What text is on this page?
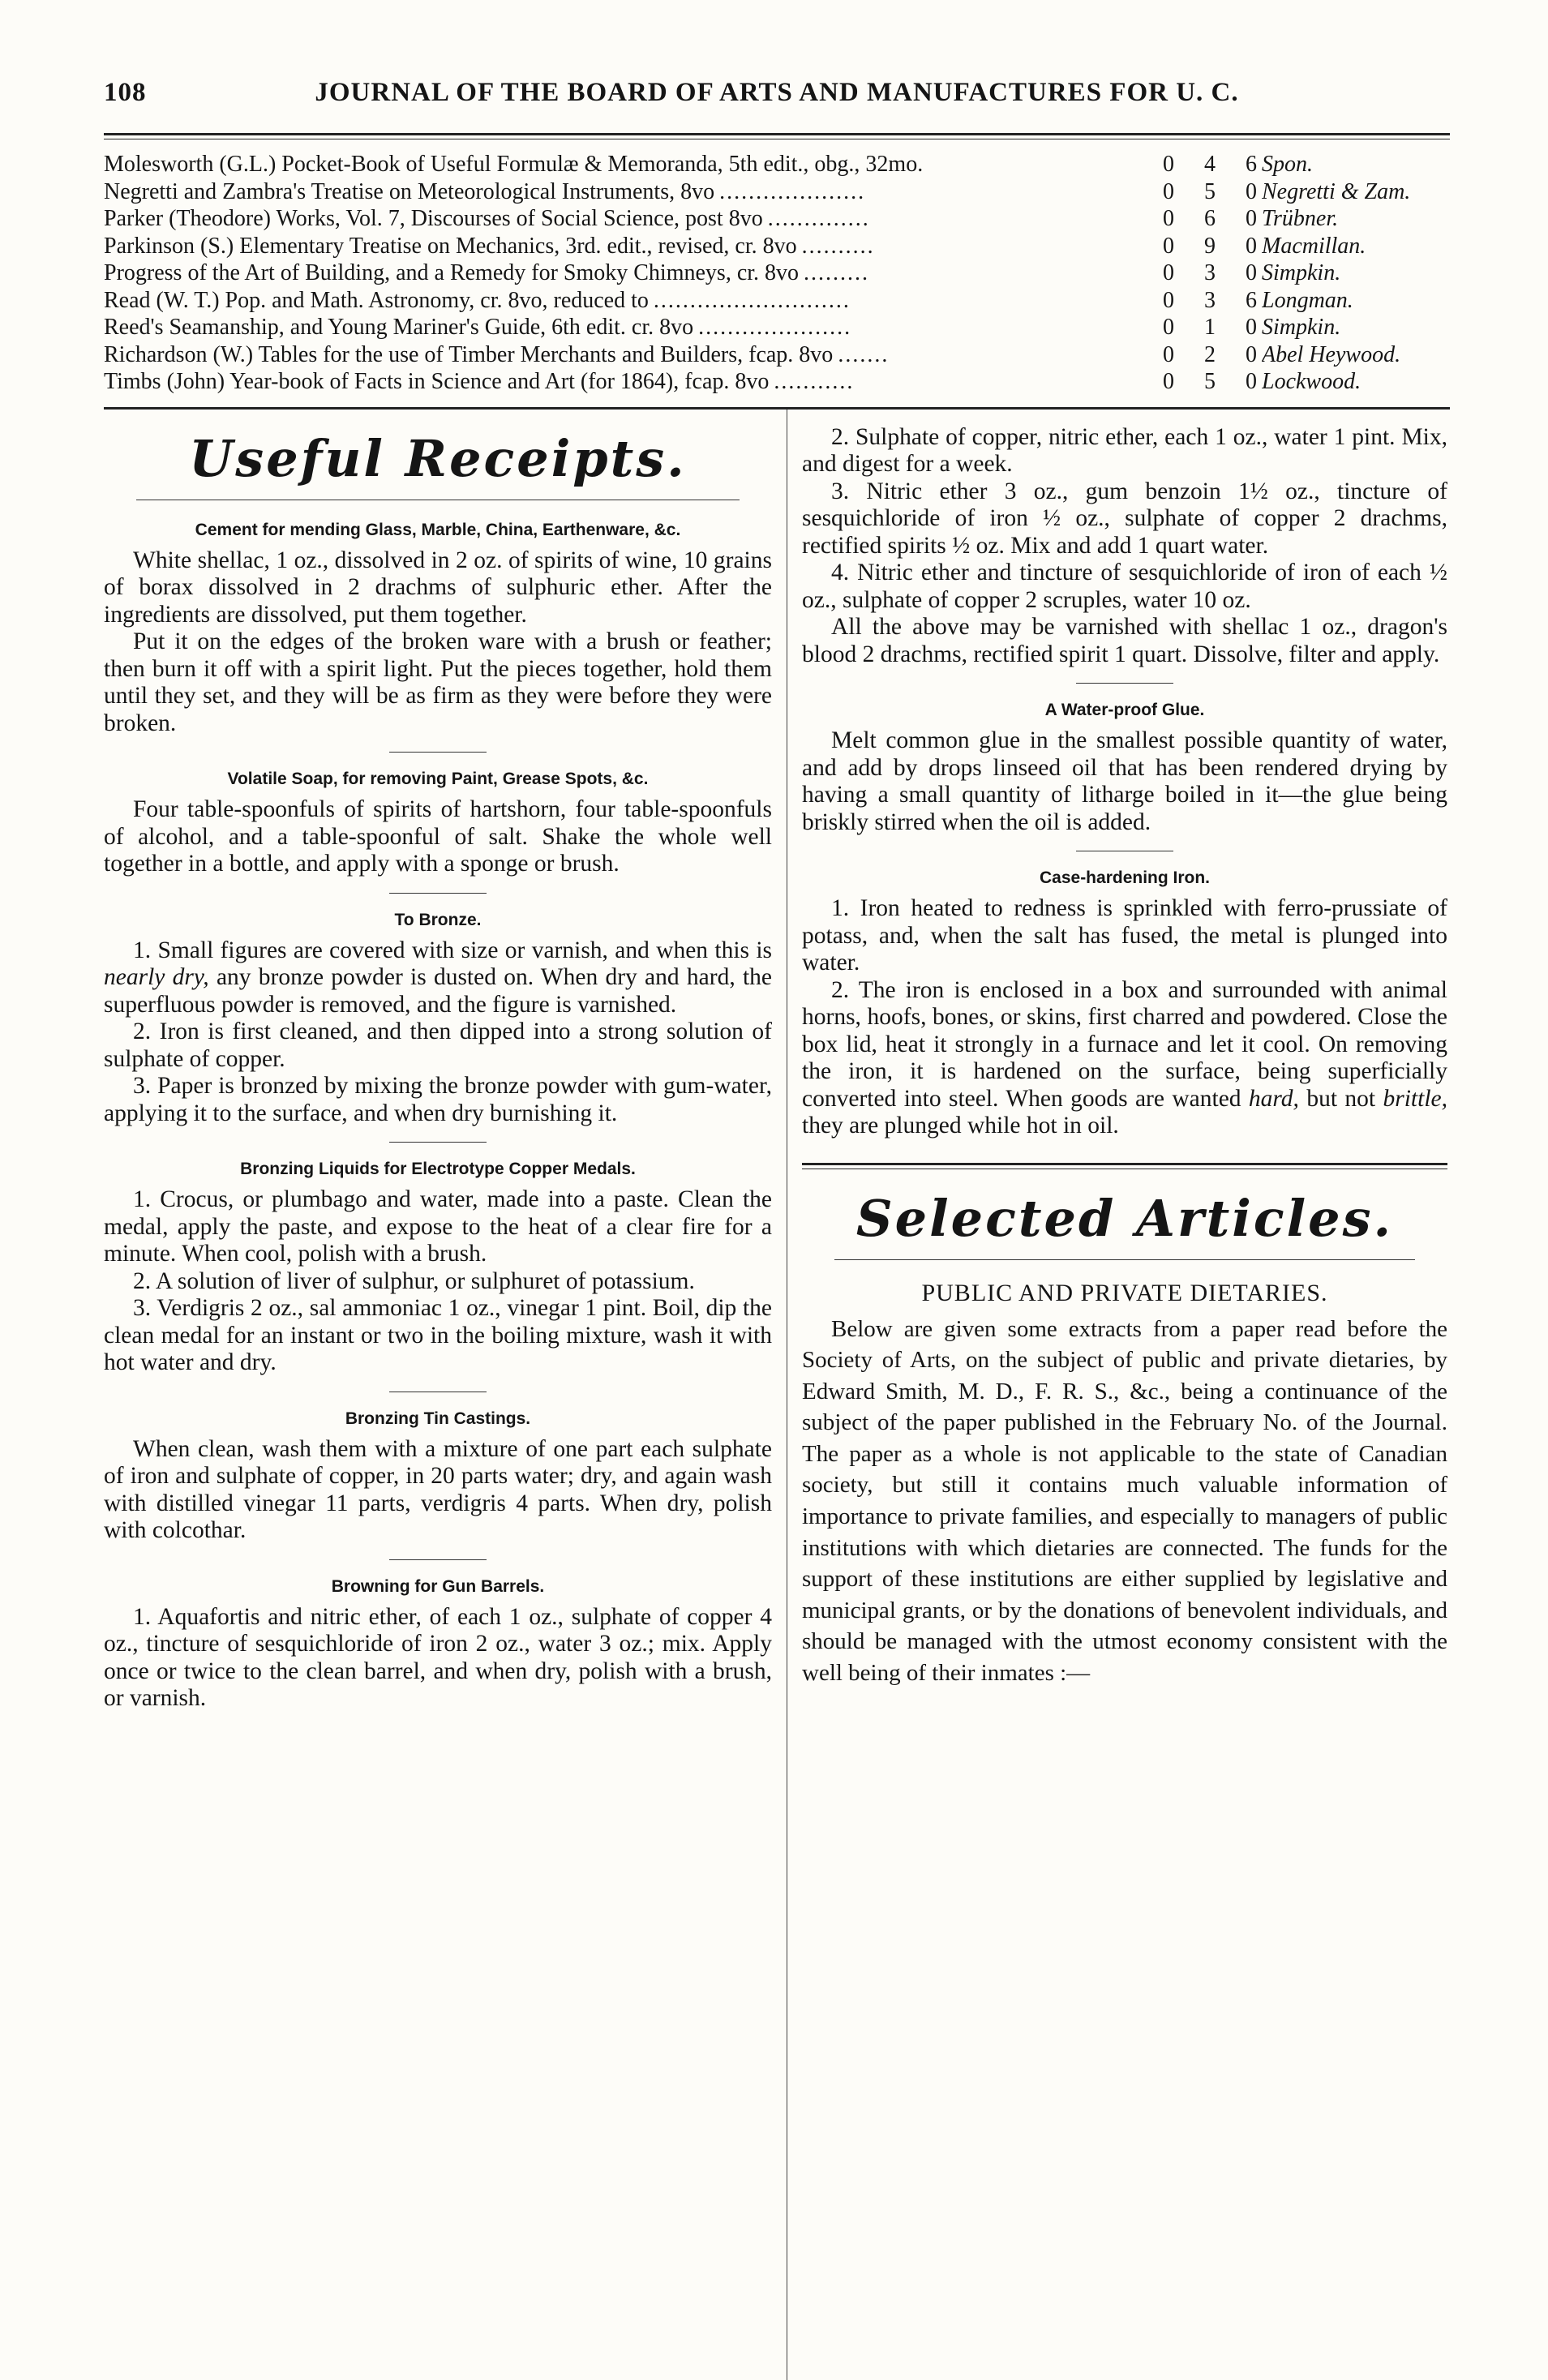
108	JOURNAL OF THE BOARD OF ARTS AND MANUFACTURES FOR U. C.
Molesworth (G.L.) Pocket-Book of Useful Formulæ & Memoranda, 5th edit., obg., 32mo.	0 4 6 Spon.
Negretti and Zambra's Treatise on Meteorological Instruments, 8vo ....................	0 5 0 Negretti & Zam.
Parker (Theodore) Works, Vol. 7, Discourses of Social Science, post 8vo ..............	0 6 0 Trübner.
Parkinson (S.) Elementary Treatise on Mechanics, 3rd. edit., revised, cr. 8vo ..........	0 9 0 Macmillan.
Progress of the Art of Building, and a Remedy for Smoky Chimneys, cr. 8vo .........	0 3 0 Simpkin.
Read (W. T.) Pop. and Math. Astronomy, cr. 8vo, reduced to ...........................	0 3 6 Longman.
Reed's Seamanship, and Young Mariner's Guide, 6th edit. cr. 8vo .....................	0 1 0 Simpkin.
Richardson (W.) Tables for the use of Timber Merchants and Builders, fcap. 8vo .......	0 2 0 Abel Heywood.
Timbs (John) Year-book of Facts in Science and Art (for 1864), fcap. 8vo ...........	0 5 0 Lockwood.
Useful Receipts.
Cement for mending Glass, Marble, China, Earthenware, &c.

White shellac, 1 oz., dissolved in 2 oz. of spirits of wine, 10 grains of borax dissolved in 2 drachms of sulphuric ether. After the ingredients are dissolved, put them together.

Put it on the edges of the broken ware with a brush or feather; then burn it off with a spirit light. Put the pieces together, hold them until they set, and they will be as firm as they were before they were broken.

Volatile Soap, for removing Paint, Grease Spots, &c.

Four table-spoonfuls of spirits of hartshorn, four table-spoonfuls of alcohol, and a table-spoonful of salt. Shake the whole well together in a bottle, and apply with a sponge or brush.

To Bronze.

1. Small figures are covered with size or varnish, and when this is nearly dry, any bronze powder is dusted on. When dry and hard, the superfluous powder is removed, and the figure is varnished.

2. Iron is first cleaned, and then dipped into a strong solution of sulphate of copper.

3. Paper is bronzed by mixing the bronze powder with gum-water, applying it to the surface, and when dry burnishing it.

Bronzing Liquids for Electrotype Copper Medals.

1. Crocus, or plumbago and water, made into a paste. Clean the medal, apply the paste, and expose to the heat of a clear fire for a minute. When cool, polish with a brush.

2. A solution of liver of sulphur, or sulphuret of potassium.

3. Verdigris 2 oz., sal ammoniac 1 oz., vinegar 1 pint. Boil, dip the clean medal for an instant or two in the boiling mixture, wash it with hot water and dry.

Bronzing Tin Castings.

When clean, wash them with a mixture of one part each sulphate of iron and sulphate of copper, in 20 parts water; dry, and again wash with distilled vinegar 11 parts, verdigris 4 parts. When dry, polish with colcothar.

Browning for Gun Barrels.

1. Aquafortis and nitric ether, of each 1 oz., sulphate of copper 4 oz., tincture of sesquichloride of iron 2 oz., water 3 oz.; mix. Apply once or twice to the clean barrel, and when dry, polish with a brush, or varnish.

2. Sulphate of copper, nitric ether, each 1 oz., water 1 pint. Mix, and digest for a week.

3. Nitric ether 3 oz., gum benzoin 1½ oz., tincture of sesquichloride of iron ½ oz., sulphate of copper 2 drachms, rectified spirits ½ oz. Mix and add 1 quart water.

4. Nitric ether and tincture of sesquichloride of iron of each ½ oz., sulphate of copper 2 scruples, water 10 oz.

All the above may be varnished with shellac 1 oz., dragon's blood 2 drachms, rectified spirit 1 quart. Dissolve, filter and apply.

A Water-proof Glue.

Melt common glue in the smallest possible quantity of water, and add by drops linseed oil that has been rendered drying by having a small quantity of litharge boiled in it—the glue being briskly stirred when the oil is added.

Case-hardening Iron.

1. Iron heated to redness is sprinkled with ferro-prussiate of potass, and, when the salt has fused, the metal is plunged into water.

2. The iron is enclosed in a box and surrounded with animal horns, hoofs, bones, or skins, first charred and powdered. Close the box lid, heat it strongly in a furnace and let it cool. On removing the iron, it is hardened on the surface, being superficially converted into steel. When goods are wanted hard, but not brittle, they are plunged while hot in oil.

Selected Articles.
PUBLIC AND PRIVATE DIETARIES.

Below are given some extracts from a paper read before the Society of Arts, on the subject of public and private dietaries, by Edward Smith, M. D., F. R. S., &c., being a continuance of the subject of the paper published in the February No. of the Journal. The paper as a whole is not applicable to the state of Canadian society, but still it contains much valuable information of importance to private families, and especially to managers of public institutions with which dietaries are connected. The funds for the support of these institutions are either supplied by legislative and municipal grants, or by the donations of benevolent individuals, and should be managed with the utmost economy consistent with the well being of their inmates :—
